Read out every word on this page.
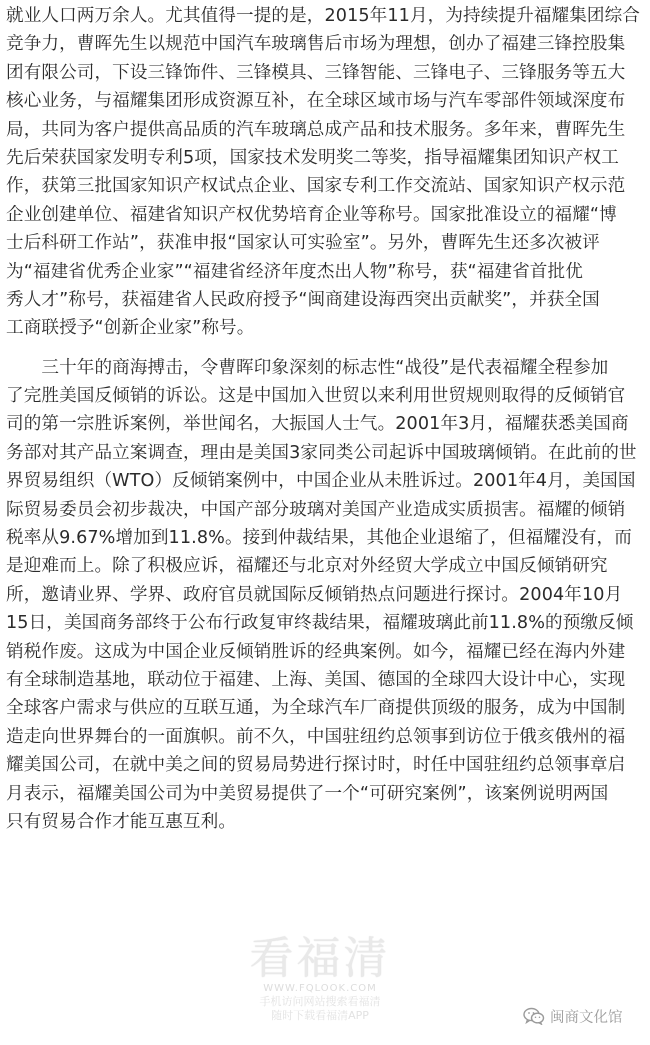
就业人口两万余人。尤其值得一提的是，2015年11月，为持续提升福耀集团综合
竞争力，曹晖先生以规范中国汽车玻璃售后市场为理想，创办了福建三锋控股集
团有限公司，下设三锋饰件、三锋模具、三锋智能、三锋电子、三锋服务等五大
核心业务，与福耀集团形成资源互补，在全球区域市场与汽车零部件领域深度布
局，共同为客户提供高品质的汽车玻璃总成产品和技术服务。多年来，曹晖先生
先后荣获国家发明专利5项，国家技术发明奖二等奖，指导福耀集团知识产权工
作，获第三批国家知识产权试点企业、国家专利工作交流站、国家知识产权示范
企业创建单位、福建省知识产权优势培育企业等称号。国家批准设立的福耀“博
士后科研工作站”，获准申报“国家认可实验室”。另外，曹晖先生还多次被评
为“福建省优秀企业家”“福建省经济年度杰出人物”称号，获“福建省首批优
秀人才”称号，获福建省人民政府授予“闽商建设海西突出贡献奖”，并获全国
工商联授予“创新企业家”称号。
　　三十年的商海搏击，令曹晖印象深刻的标志性“战役”是代表福耀全程参加
了完胜美国反倾销的诉讼。这是中国加入世贸以来利用世贸规则取得的反倾销官
司的第一宗胜诉案例，举世闻名，大振国人士气。2001年3月，福耀获悉美国商
务部对其产品立案调查，理由是美国3家同类公司起诉中国玻璃倾销。在此前的世
界贸易组织（WTO）反倾销案例中，中国企业从未胜诉过。2001年4月，美国国
际贸易委员会初步裁决，中国产部分玻璃对美国产业造成实质损害。福耀的倾销
税率从9.67%增加到11.8%。接到仲裁结果，其他企业退缩了，但福耀没有，而
是迎难而上。除了积极应诉，福耀还与北京对外经贸大学成立中国反倾销研究
所，邀请业界、学界、政府官员就国际反倾销热点问题进行探讨。2004年10月
15日，美国商务部终于公布行政复审终裁结果，福耀玻璃此前11.8%的预缴反倾
销税作废。这成为中国企业反倾销胜诉的经典案例。如今，福耀已经在海内外建
有全球制造基地，联动位于福建、上海、美国、德国的全球四大设计中心，实现
全球客户需求与供应的互联互通，为全球汽车厂商提供顶级的服务，成为中国制
造走向世界舞台的一面旗帜。前不久，中国驻纽约总领事到访位于俄亥俄州的福
耀美国公司，在就中美之间的贸易局势进行探讨时，时任中国驻纽约总领事章启
月表示，福耀美国公司为中美贸易提供了一个“可研究案例”，该案例说明两国
只有贸易合作才能互惠互利。
看福清
WWW.FQLOOK.COM
手机访问网站搜索看福清
随时下载看福清APP	闽商文化馆
